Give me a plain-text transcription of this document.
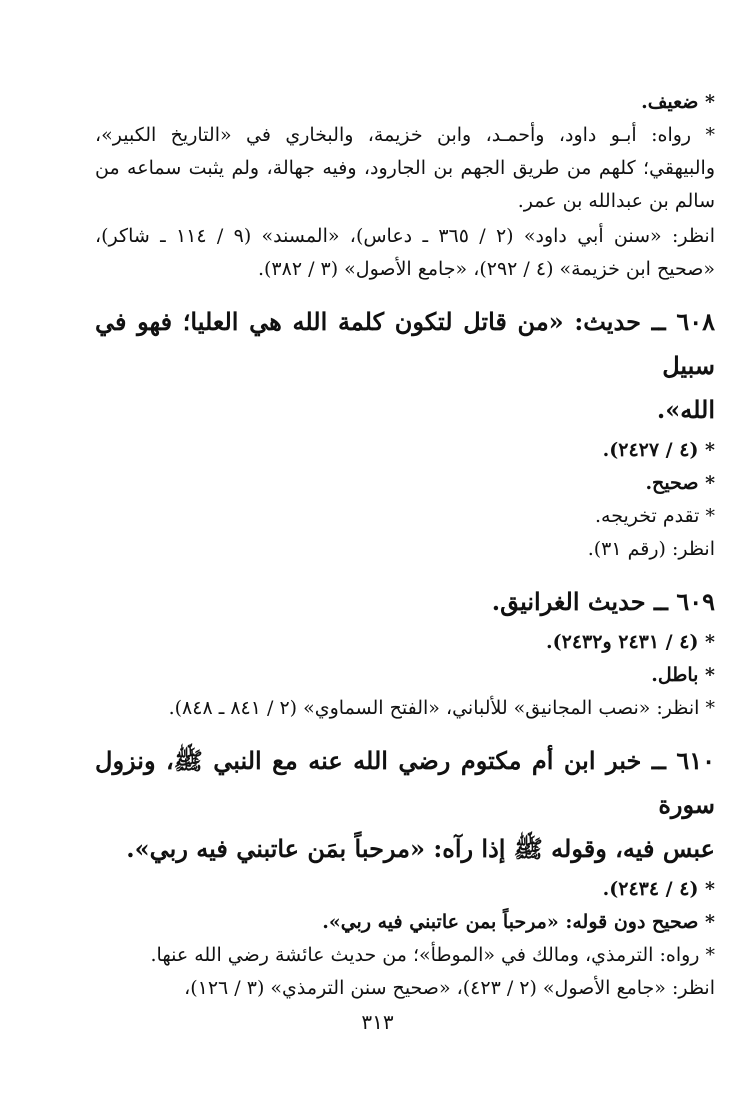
* ضعيف.
* رواه: أبـو داود، وأحمـد، وابن خزيمة، والبخاري في «التاريخ الكبير»،
والبيهقي؛ كلهم من طريق الجهم بن الجارود، وفيه جهالة، ولم يثبت سماعه من
سالم بن عبدالله بن عمر.
انظر: «سنن أبي داود» (٢ / ٣٦٥ ـ دعاس)، «المسند» (٩ / ١١٤ ـ شاكر)،
«صحيح ابن خزيمة» (٤ / ٢٩٢)، «جامع الأصول» (٣ / ٣٨٢).
٦٠٨ ــ حديث: «من قاتل لتكون كلمة الله هي العليا؛ فهو في سبيل
الله».
* (٤ / ٢٤٢٧).
* صحيح.
* تقدم تخريجه.
انظر: (رقم ٣١).
٦٠٩ ــ حديث الغرانيق.
* (٤ / ٢٤٣١ و٢٤٣٢).
* باطل.
* انظر: «نصب المجانيق» للألباني، «الفتح السماوي» (٢ / ٨٤١ ـ ٨٤٨).
٦١٠ ــ خبر ابن أم مكتوم رضي الله عنه مع النبي ﷺ، ونزول سورة
عبس فيه، وقوله ﷺ إذا رآه: «مرحباً بمَن عاتبني فيه ربي».
* (٤ / ٢٤٣٤).
* صحيح دون قوله: «مرحباً بمن عاتبني فيه ربي».
* رواه: الترمذي، ومالك في «الموطأ»؛ من حديث عائشة رضي الله عنها.
انظر: «جامع الأصول» (٢ / ٤٢٣)، «صحيح سنن الترمذي» (٣ / ١٢٦)،
٣١٣
